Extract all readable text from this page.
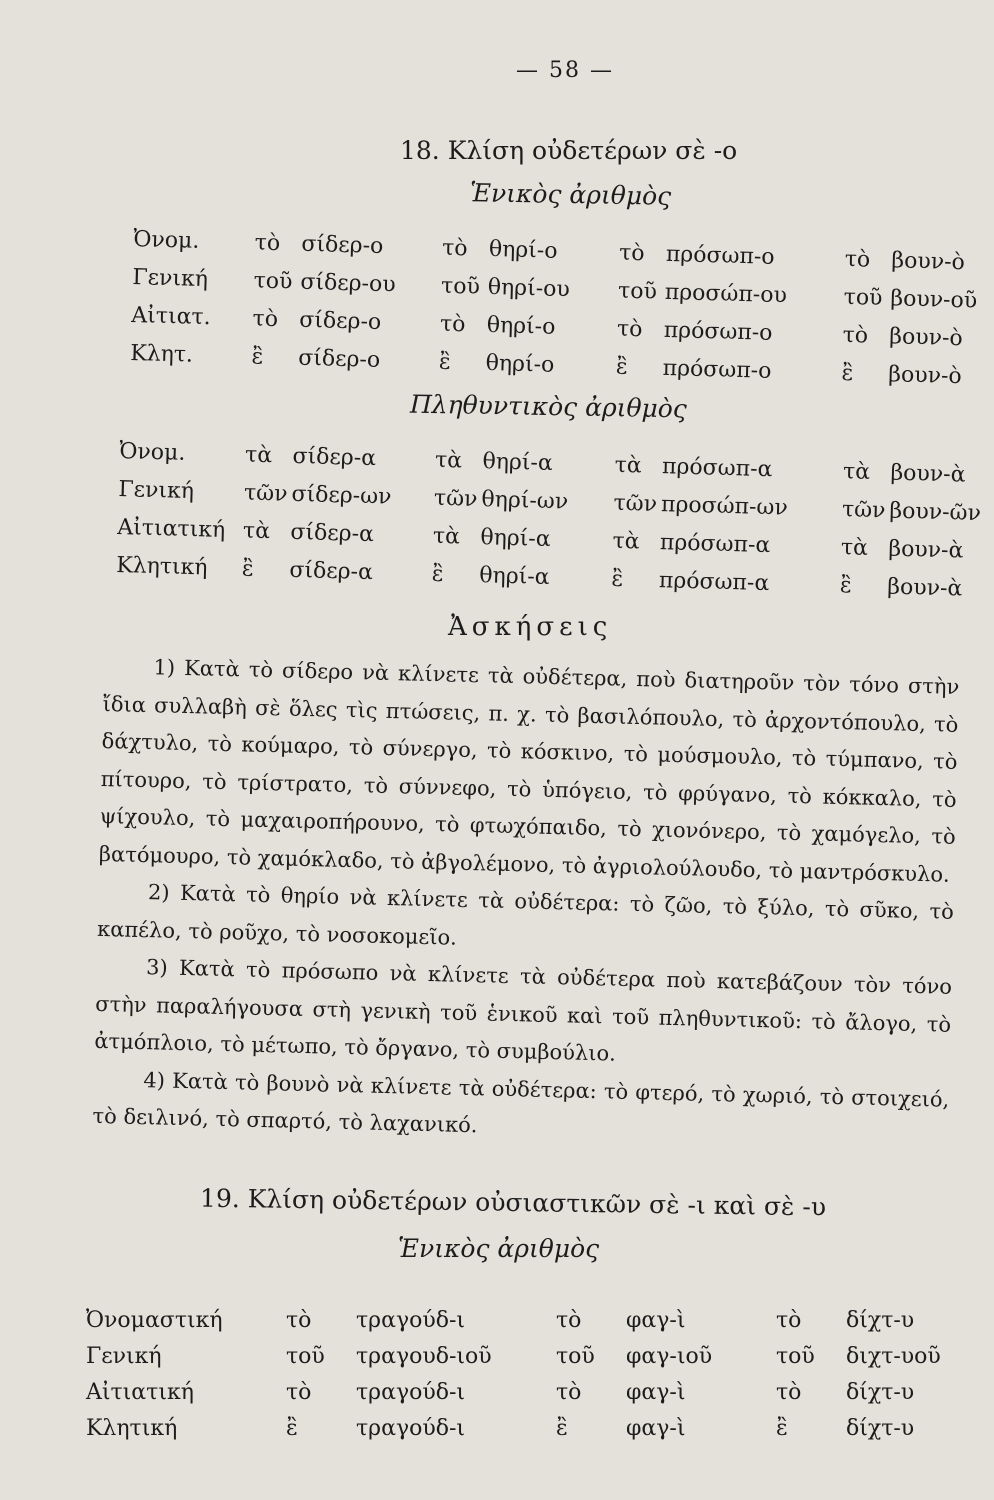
— 58 —
18. Κλίση οὐδετέρων σὲ -ο
Ἑνικὸς ἀριθμὸς
Ὀνομ.	τὸ	σίδερ-ο	τὸ	θηρί-ο	τὸ	πρόσωπ-ο	τὸ	βουν-ὸ
Γενική	τοῦ	σίδερ-ου	τοῦ	θηρί-ου	τοῦ	προσώπ-ου	τοῦ	βουν-οῦ
Αἰτιατ.	τὸ	σίδερ-ο	τὸ	θηρί-ο	τὸ	πρόσωπ-ο	τὸ	βουν-ὸ
Κλητ.	ἒ	σίδερ-ο	ἒ	θηρί-ο	ἒ	πρόσωπ-ο	ἒ	βουν-ὸ
Πληθυντικὸς ἀριθμὸς
Ὀνομ.	τὰ	σίδερ-α	τὰ	θηρί-α	τὰ	πρόσωπ-α	τὰ	βουν-ὰ
Γενική	τῶν	σίδερ-ων	τῶν	θηρί-ων	τῶν	προσώπ-ων	τῶν	βουν-ῶν
Αἰτιατική	τὰ	σίδερ-α	τὰ	θηρί-α	τὰ	πρόσωπ-α	τὰ	βουν-ὰ
Κλητική	ἒ	σίδερ-α	ἒ	θηρί-α	ἒ	πρόσωπ-α	ἒ	βουν-ὰ
Ἀσκήσεις

1) Κατὰ τὸ σίδερο νὰ κλίνετε τὰ οὐδέτερα, ποὺ διατηροῦν τὸν τόνο στὴν ἴδια συλλαβὴ σὲ ὅλες τὶς πτώσεις, π. χ. τὸ βασιλόπουλο, τὸ ἀρχοντόπουλο, τὸ δάχτυλο, τὸ κούμαρο, τὸ σύνεργο, τὸ κόσκινο, τὸ μούσμουλο, τὸ τύμπανο, τὸ πίτουρο, τὸ τρίστρατο, τὸ σύννεφο, τὸ ὑπόγειο, τὸ φρύγανο, τὸ κόκκαλο, τὸ ψίχουλο, τὸ μαχαιροπήρουνο, τὸ φτωχόπαιδο, τὸ χιονόνερο, τὸ χαμόγελο, τὸ βατόμουρο, τὸ χαμόκλαδο, τὸ ἀβγολέμονο, τὸ ἀγριολούλουδο, τὸ μαντρόσκυλο.

2) Κατὰ τὸ θηρίο νὰ κλίνετε τὰ οὐδέτερα: τὸ ζῶο, τὸ ξύλο, τὸ σῦκο, τὸ καπέλο, τὸ ροῦχο, τὸ νοσοκομεῖο.

3) Κατὰ τὸ πρόσωπο νὰ κλίνετε τὰ οὐδέτερα ποὺ κατεβάζουν τὸν τόνο στὴν παραλήγουσα στὴ γενικὴ τοῦ ἑνικοῦ καὶ τοῦ πληθυντικοῦ: τὸ ἄλογο, τὸ ἀτμόπλοιο, τὸ μέτωπο, τὸ ὄργανο, τὸ συμβούλιο.

4) Κατὰ τὸ βουνὸ νὰ κλίνετε τὰ οὐδέτερα: τὸ φτερό, τὸ χωριό, τὸ στοιχειό, τὸ δειλινό, τὸ σπαρτό, τὸ λαχανικό.

19. Κλίση οὐδετέρων οὐσιαστικῶν σὲ -ι καὶ σὲ -υ
Ἑνικὸς ἀριθμὸς
Ὀνομαστική	τὸ	τραγούδ-ι	τὸ	φαγ-ὶ	τὸ	δίχτ-υ
Γενική	τοῦ	τραγουδ-ιοῦ	τοῦ	φαγ-ιοῦ	τοῦ	διχτ-υοῦ
Αἰτιατική	τὸ	τραγούδ-ι	τὸ	φαγ-ὶ	τὸ	δίχτ-υ
Κλητική	ἒ	τραγούδ-ι	ἒ	φαγ-ὶ	ἒ	δίχτ-υ
